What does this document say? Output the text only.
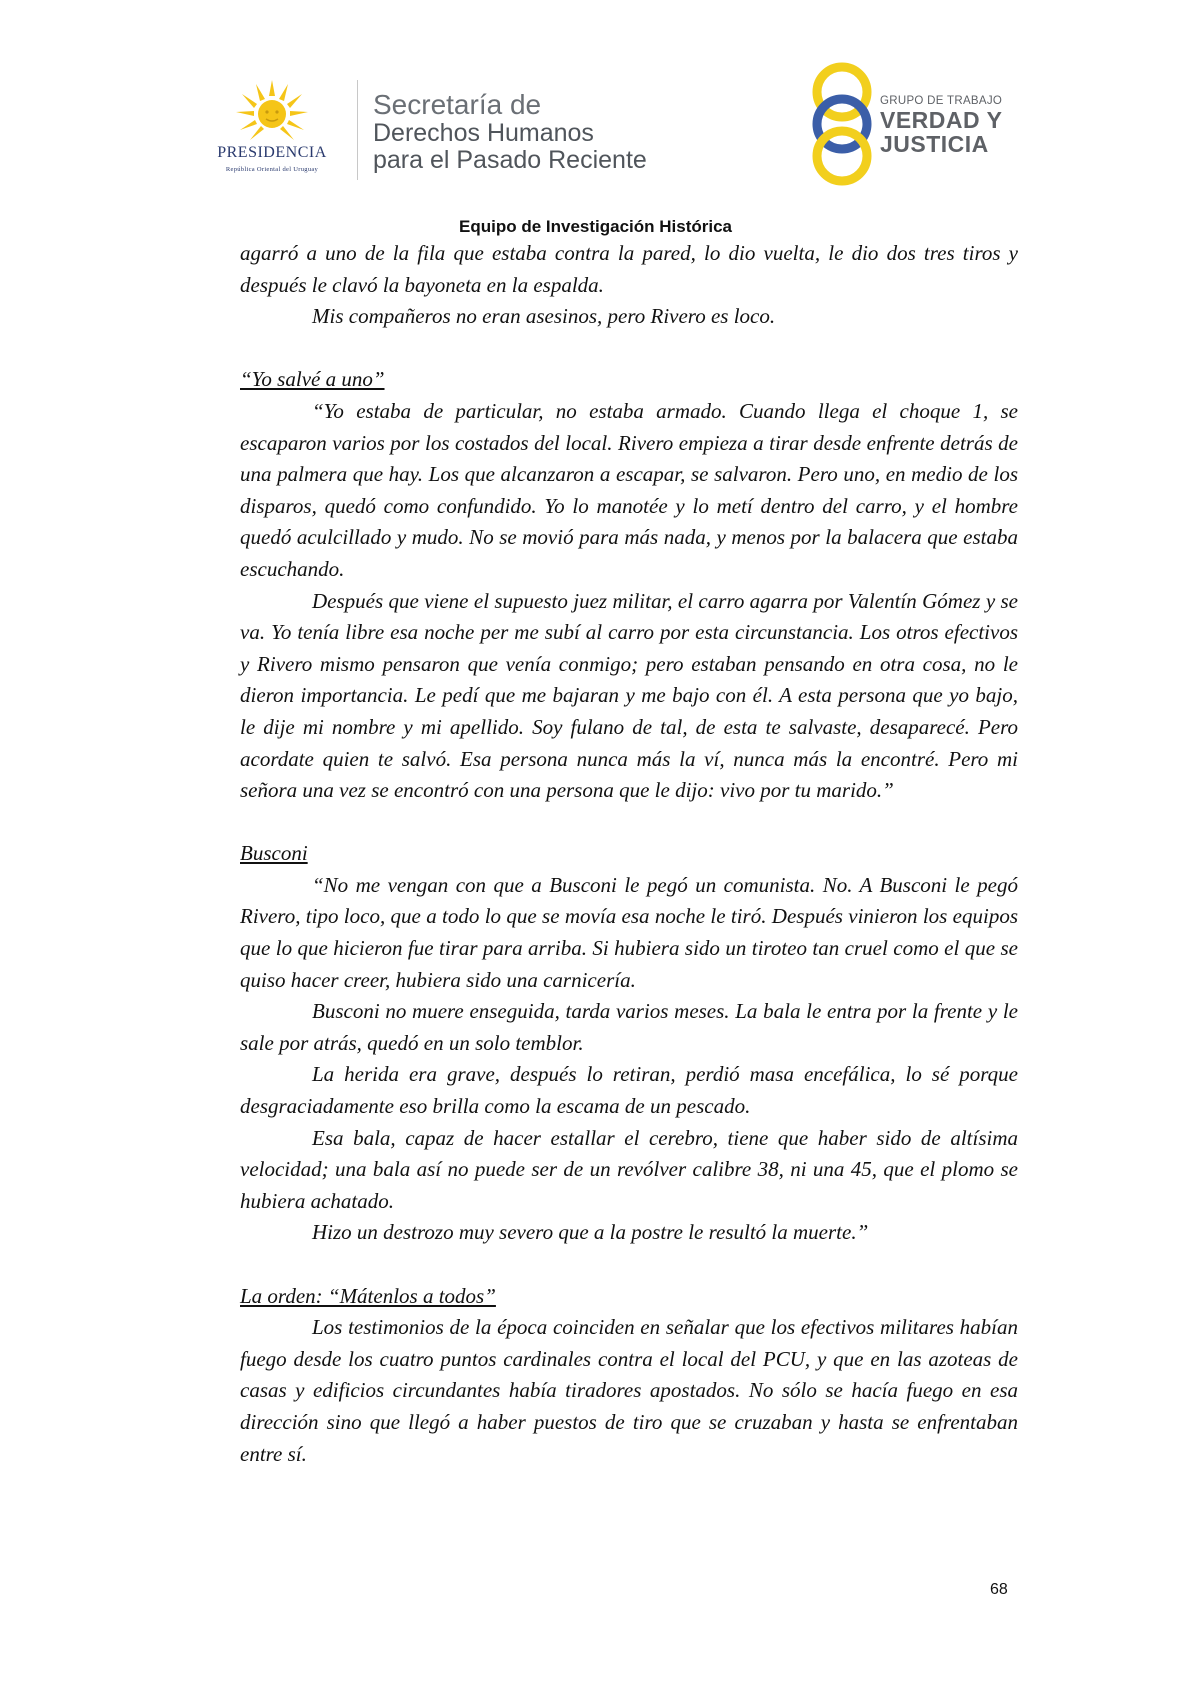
PRESIDENCIA
República Oriental del Uruguay
Secretaría de
Derechos Humanos
para el Pasado Reciente
GRUPO DE TRABAJO
VERDAD Y
JUSTICIA
Equipo de Investigación Histórica

agarró a uno de la fila que estaba contra la pared, lo dio vuelta, le dio dos tres tiros y después le clavó la bayoneta en la espalda.

Mis compañeros no eran asesinos, pero Rivero es loco.

“Yo salvé a uno”

“Yo estaba de particular, no estaba armado. Cuando llega el choque 1, se escaparon varios por los costados del local. Rivero empieza a tirar desde enfrente detrás de una palmera que hay. Los que alcanzaron a escapar, se salvaron. Pero uno, en medio de los disparos, quedó como confundido. Yo lo manotée y lo metí dentro del carro, y el hombre quedó aculcillado y mudo. No se movió para más nada, y menos por la balacera que estaba escuchando.

Después que viene el supuesto juez militar, el carro agarra por Valentín Gómez y se va. Yo tenía libre esa noche per me subí al carro por esta circunstancia. Los otros efectivos y Rivero mismo pensaron que venía conmigo; pero estaban pensando en otra cosa, no le dieron importancia. Le pedí que me bajaran y me bajo con él. A esta persona que yo bajo, le dije mi nombre y mi apellido. Soy fulano de tal, de esta te salvaste, desaparecé. Pero acordate quien te salvó. Esa persona nunca más la ví, nunca más la encontré. Pero mi señora una vez se encontró con una persona que le dijo: vivo por tu marido.”

Busconi

“No me vengan con que a Busconi le pegó un comunista. No. A Busconi le pegó Rivero, tipo loco, que a todo lo que se movía esa noche le tiró. Después vinieron los equipos que lo que hicieron fue tirar para arriba. Si hubiera sido un tiroteo tan cruel como el que se quiso hacer creer, hubiera sido una carnicería.

Busconi no muere enseguida, tarda varios meses. La bala le entra por la frente y le sale por atrás, quedó en un solo temblor.

La herida era grave, después lo retiran, perdió masa encefálica, lo sé porque desgraciadamente eso brilla como la escama de un pescado.

Esa bala, capaz de hacer estallar el cerebro, tiene que haber sido de altísima velocidad; una bala así no puede ser de un revólver calibre 38, ni una 45, que el plomo se hubiera achatado.

Hizo un destrozo muy severo que a la postre le resultó la muerte.”

La orden: “Mátenlos a todos”

Los testimonios de la época coinciden en señalar que los efectivos militares habían fuego desde los cuatro puntos cardinales contra el local del PCU, y que en las azoteas de casas y edificios circundantes había tiradores apostados. No sólo se hacía fuego en esa dirección sino que llegó a haber puestos de tiro que se cruzaban y hasta se enfrentaban entre sí.

68
